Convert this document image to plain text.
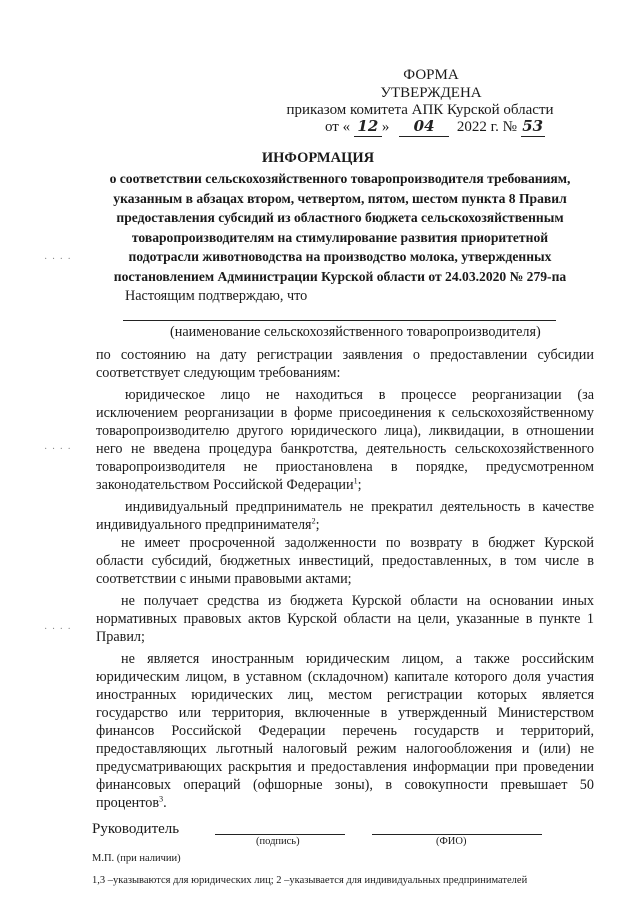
· · · ·
· · · ·
· · · ·
ФОРМА
УТВЕРЖДЕНА
приказом комитета АПК Курской области
от « 12 » 04 2022 г. № 53
ИНФОРМАЦИЯ
о соответствии сельскохозяйственного товаропроизводителя требованиям,
указанным в абзацах втором, четвертом, пятом, шестом пункта 8 Правил
предоставления субсидий из областного бюджета сельскохозяйственным
товаропроизводителям на стимулирование развития приоритетной
подотрасли животноводства на производство молока, утвержденных
постановлением Администрации Курской области от 24.03.2020 № 279-па
Настоящим подтверждаю, что
(наименование сельскохозяйственного товаропроизводителя)
по состоянию на дату регистрации заявления о предоставлении субсидии
соответствует следующим требованиям:
юридическое лицо не находиться в процессе реорганизации (за
исключением реорганизации в форме присоединения к сельскохозяйственному
товаропроизводителю другого юридического лица), ликвидации, в отношении
него не введена процедура банкротства, деятельность сельскохозяйственного
товаропроизводителя не приостановлена в порядке, предусмотренном
законодательством Российской Федерации$^1$;
индивидуальный предприниматель не прекратил деятельность в качестве
индивидуального предпринимателя$^2$;
не имеет просроченной задолженности по возврату в бюджет Курской
области субсидий, бюджетных инвестиций, предоставленных, в том числе в
соответствии с иными правовыми актами;
не получает средства из бюджета Курской области на основании иных
нормативных правовых актов Курской области на цели, указанные в пункте 1
Правил;
не является иностранным юридическим лицом, а также российским
юридическим лицом, в уставном (складочном) капитале которого доля участия
иностранных юридических лиц, местом регистрации которых является
государство или территория, включенные в утвержденный Министерством
финансов Российской Федерации перечень государств и территорий,
предоставляющих льготный налоговый режим налогообложения и (или) не
предусматривающих раскрытия и предоставления информации при проведении
финансовых операций (офшорные зоны), в совокупности превышает 50
процентов$^3$.
Руководитель
(подпись)	(ФИО)
М.П. (при наличии)
1,3 –указываются для юридических лиц; 2 –указывается для индивидуальных предпринимателей
